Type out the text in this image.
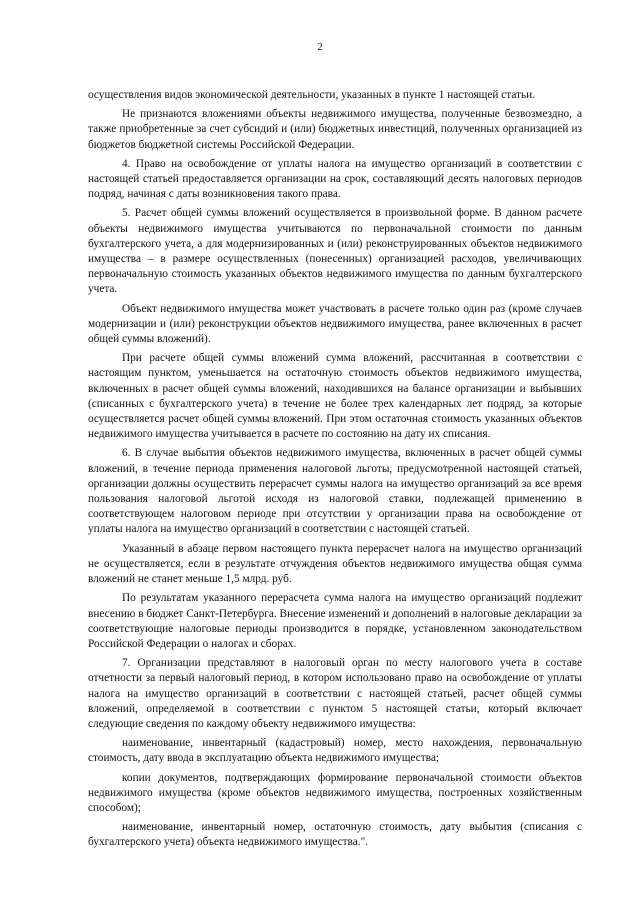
2

осуществления видов экономической деятельности, указанных в пункте 1 настоящей статьи.

Не признаются вложениями объекты недвижимого имущества, полученные безвозмездно, а также приобретенные за счет субсидий и (или) бюджетных инвестиций, полученных организацией из бюджетов бюджетной системы Российской Федерации.

4. Право на освобождение от уплаты налога на имущество организаций в соответствии с настоящей статьей предоставляется организации на срок, составляющий десять налоговых периодов подряд, начиная с даты возникновения такого права.

5. Расчет общей суммы вложений осуществляется в произвольной форме. В данном расчете объекты недвижимого имущества учитываются по первоначальной стоимости по данным бухгалтерского учета, а для модернизированных и (или) реконструированных объектов недвижимого имущества – в размере осуществленных (понесенных) организацией расходов, увеличивающих первоначальную стоимость указанных объектов недвижимого имущества по данным бухгалтерского учета.

Объект недвижимого имущества может участвовать в расчете только один раз (кроме случаев модернизации и (или) реконструкции объектов недвижимого имущества, ранее включенных в расчет общей суммы вложений).

При расчете общей суммы вложений сумма вложений, рассчитанная в соответствии с настоящим пунктом, уменьшается на остаточную стоимость объектов недвижимого имущества, включенных в расчет общей суммы вложений, находившихся на балансе организации и выбывших (списанных с бухгалтерского учета) в течение не более трех календарных лет подряд, за которые осуществляется расчет общей суммы вложений. При этом остаточная стоимость указанных объектов недвижимого имущества учитывается в расчете по состоянию на дату их списания.

6. В случае выбытия объектов недвижимого имущества, включенных в расчет общей суммы вложений, в течение периода применения налоговой льготы, предусмотренной настоящей статьей, организации должны осуществить перерасчет суммы налога на имущество организаций за все время пользования налоговой льготой исходя из налоговой ставки, подлежащей применению в соответствующем налоговом периоде при отсутствии у организации права на освобождение от уплаты налога на имущество организаций в соответствии с настоящей статьей.

Указанный в абзаце первом настоящего пункта перерасчет налога на имущество организаций не осуществляется, если в результате отчуждения объектов недвижимого имущества общая сумма вложений не станет меньше 1,5 млрд. руб.

По результатам указанного перерасчета сумма налога на имущество организаций подлежит внесению в бюджет Санкт-Петербурга. Внесение изменений и дополнений в налоговые декларации за соответствующие налоговые периоды производится в порядке, установленном законодательством Российской Федерации о налогах и сборах.

7. Организации представляют в налоговый орган по месту налогового учета в составе отчетности за первый налоговый период, в котором использовано право на освобождение от уплаты налога на имущество организаций в соответствии с настоящей статьей, расчет общей суммы вложений, определяемой в соответствии с пунктом 5 настоящей статьи, который включает следующие сведения по каждому объекту недвижимого имущества:

наименование, инвентарный (кадастровый) номер, место нахождения, первоначальную стоимость, дату ввода в эксплуатацию объекта недвижимого имущества;

копии документов, подтверждающих формирование первоначальной стоимости объектов недвижимого имущества (кроме объектов недвижимого имущества, построенных хозяйственным способом);

наименование, инвентарный номер, остаточную стоимость, дату выбытия (списания с бухгалтерского учета) объекта недвижимого имущества.".
